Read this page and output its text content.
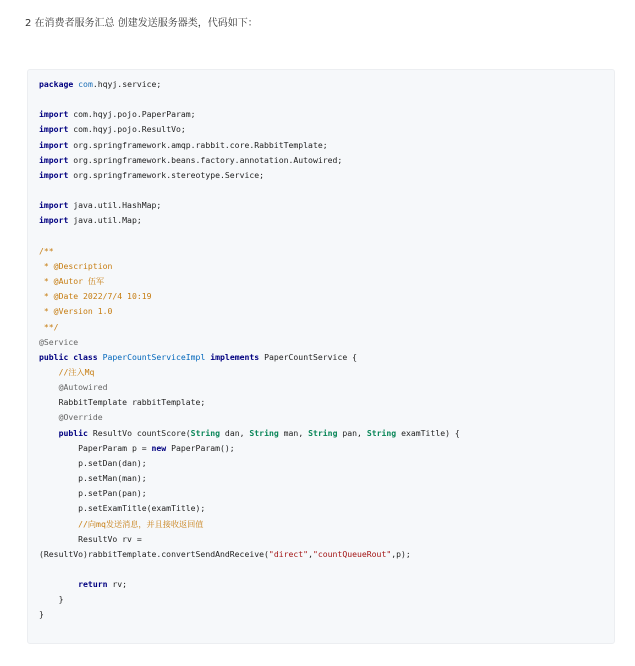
2 在消费者服务汇总 创建发送服务器类，代码如下：
package com.hqyj.service;

import com.hqyj.pojo.PaperParam;
import com.hqyj.pojo.ResultVo;
import org.springframework.amqp.rabbit.core.RabbitTemplate;
import org.springframework.beans.factory.annotation.Autowired;
import org.springframework.stereotype.Service;

import java.util.HashMap;
import java.util.Map;

/**
* @Description
* @Autor 伍军
* @Date 2022/7/4 10:19
* @Version 1.0
**/
@Service
public class PaperCountServiceImpl implements PaperCountService {
//注入Mq
@Autowired
RabbitTemplate rabbitTemplate;
@Override
public ResultVo countScore(String dan, String man, String pan, String examTitle) {
PaperParam p = new PaperParam();
p.setDan(dan);
p.setMan(man);
p.setPan(pan);
p.setExamTitle(examTitle);
//向mq发送消息，并且接收返回值
ResultVo rv =
(ResultVo)rabbitTemplate.convertSendAndReceive("direct","countQueueRout",p);

return rv;
}
}
